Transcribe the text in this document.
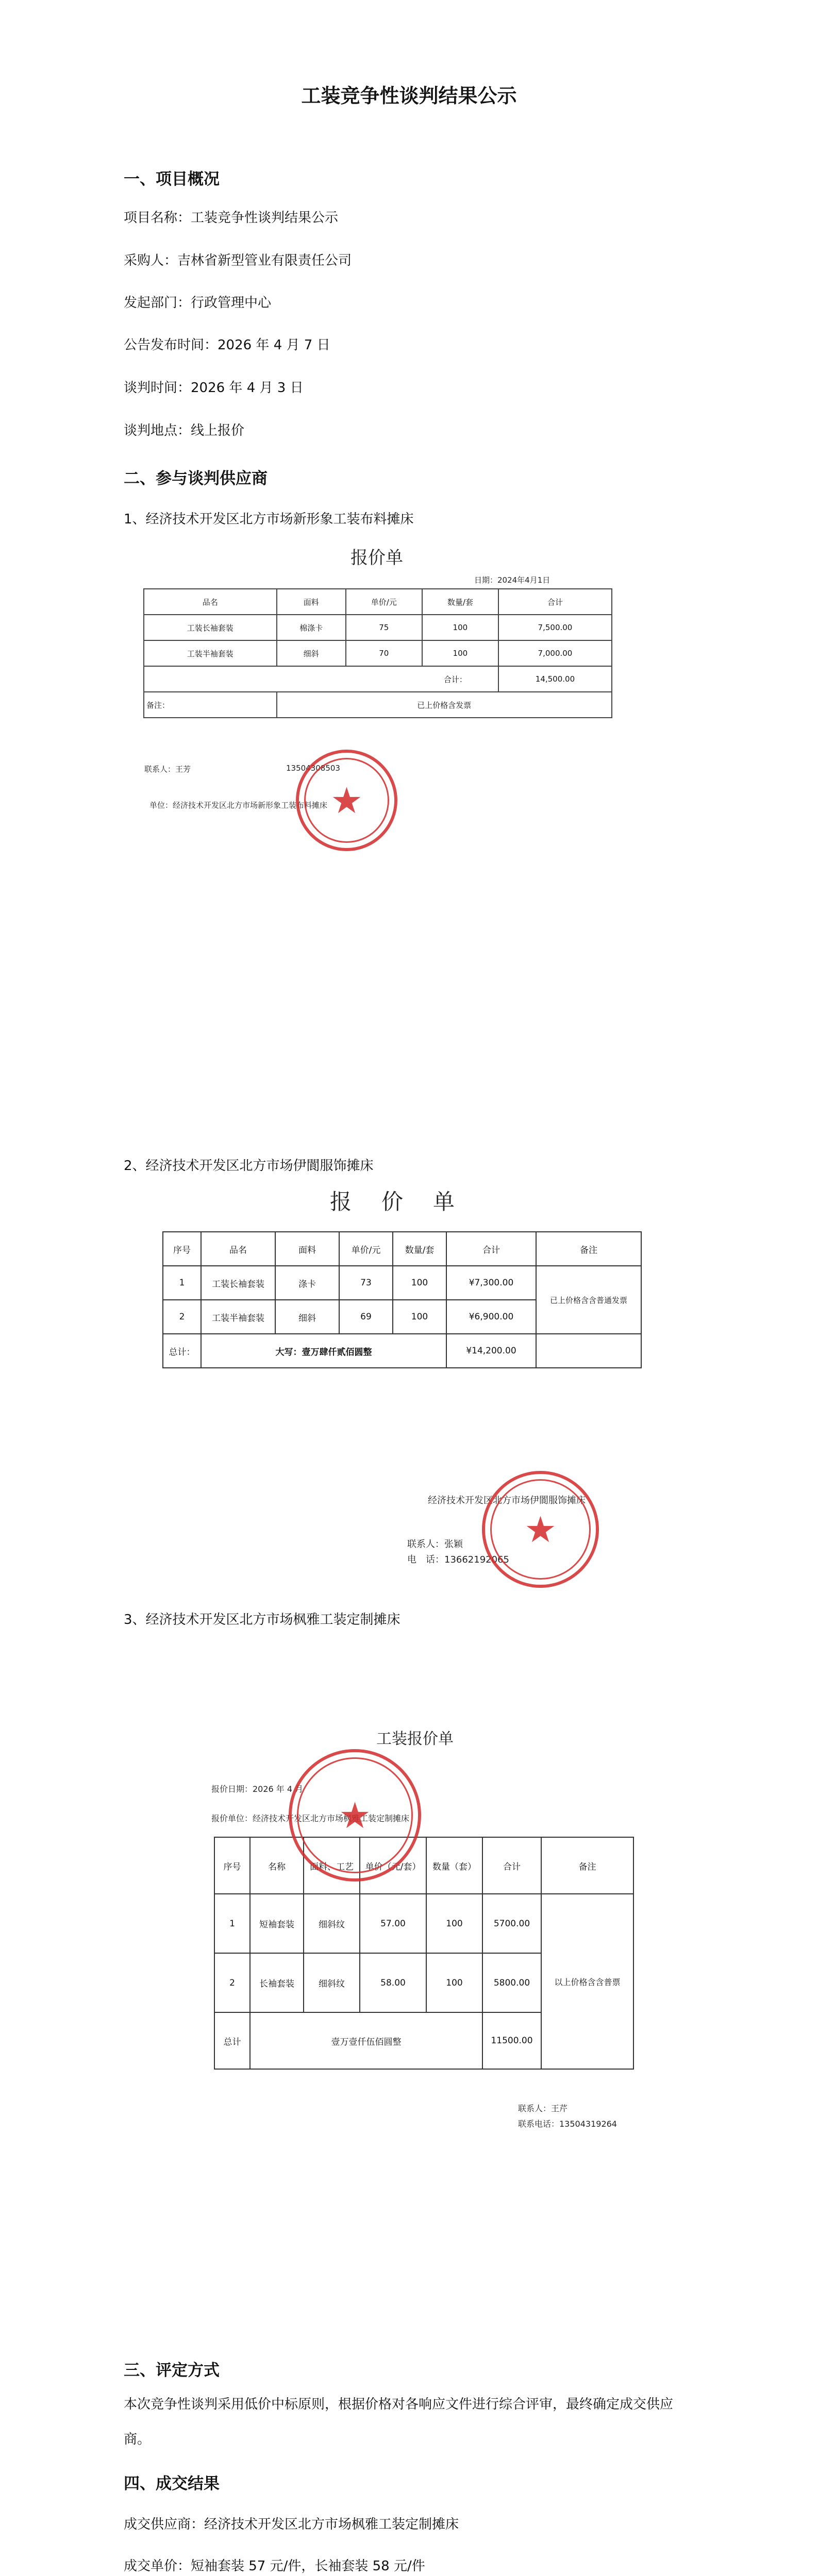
工装竞争性谈判结果公示
一、项目概况
项目名称：工装竞争性谈判结果公示
采购人：吉林省新型管业有限责任公司
发起部门：行政管理中心
公告发布时间：2026 年 4 月 7 日
谈判时间：2026 年 4 月 3 日
谈判地点：线上报价
二、参与谈判供应商
1、经济技术开发区北方市场新形象工装布料摊床
报价单
日期：2024年4月1日
品名	面料	单价/元	数量/套	合计
工装长袖套装	棉涤卡	75	100	7,500.00
工装半袖套装	细斜	70	100	7,000.00
合计：				14,500.00
备注：	已上价格含发票			
联系人：王芳	13504308503
单位：经济技术开发区北方市场新形象工装布料摊床 ★
2、经济技术开发区北方市场伊閬服饰摊床
报　价　单
序号	品名	面料	单价/元	数量/套	合计	备注
1	工装长袖套装	涤卡	73	100	¥7,300.00	已上价格含含普通发票
2	工装半袖套装	细斜	69	100	¥6,900.00	
总计：	大写：壹万肆仟贰佰圆整				¥14,200.00	
经济技术开发区北方市场伊閬服饰摊床
联系人：张颖
电　话：13662192065
★
3、经济技术开发区北方市场枫雅工装定制摊床
工装报价单
报价日期：2026 年 4 月
报价单位：经济技术开发区北方市场枫雅工装定制摊床
序号	名称	面料、工艺	单价（元/套）	数量（套）	合计	备注
1	短袖套装	细斜纹	57.00	100	5700.00	以上价格含含普票
2	长袖套装	细斜纹	58.00	100	5800.00	
总计	壹万壹仟伍佰圆整				11500.00	
联系人：王芹
联系电话：13504319264
★
三、评定方式
本次竞争性谈判采用低价中标原则，根据价格对各响应文件进行综合评审，最终确定成交供应商。
四、成交结果
成交供应商：经济技术开发区北方市场枫雅工装定制摊床
成交单价：短袖套装 57 元/件，长袖套装 58 元/件
